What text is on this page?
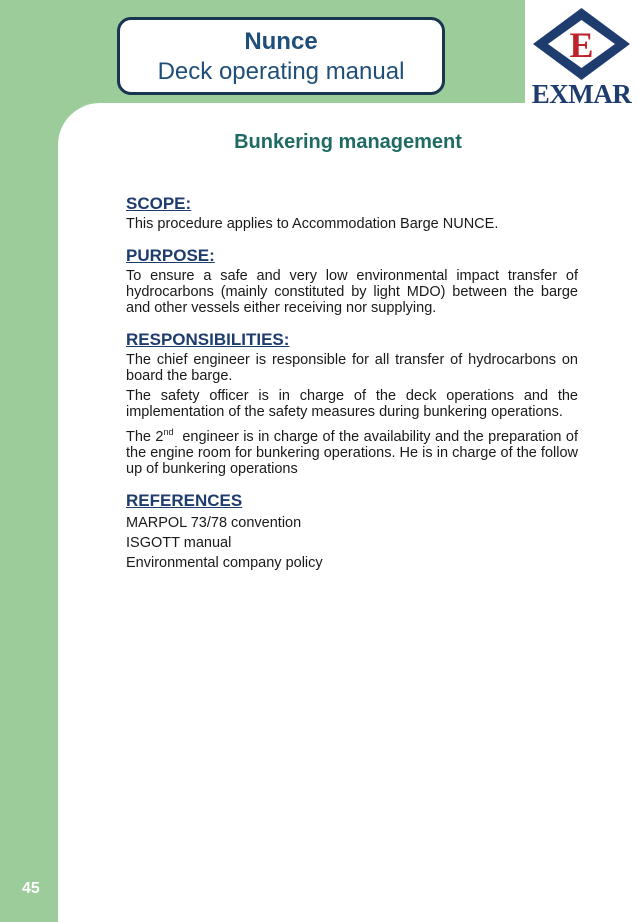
Nunce
Deck operating manual
E
EXMAR
Bunkering management
SCOPE:
This procedure applies to Accommodation Barge NUNCE.
PURPOSE:
To ensure a safe and very low environmental impact transfer of hydrocarbons (mainly constituted by light MDO) between the barge and other vessels either receiving nor supplying.
RESPONSIBILITIES:
The chief engineer is responsible for all transfer of hydrocarbons on board the barge.
The safety officer is in charge of the deck operations and the implementation of the safety measures during bunkering operations.
The 2nd  engineer is in charge of the availability and the preparation of the engine room for bunkering operations. He is in charge of the follow up of bunkering operations
REFERENCES
MARPOL 73/78 convention
ISGOTT manual
Environmental company policy
45
